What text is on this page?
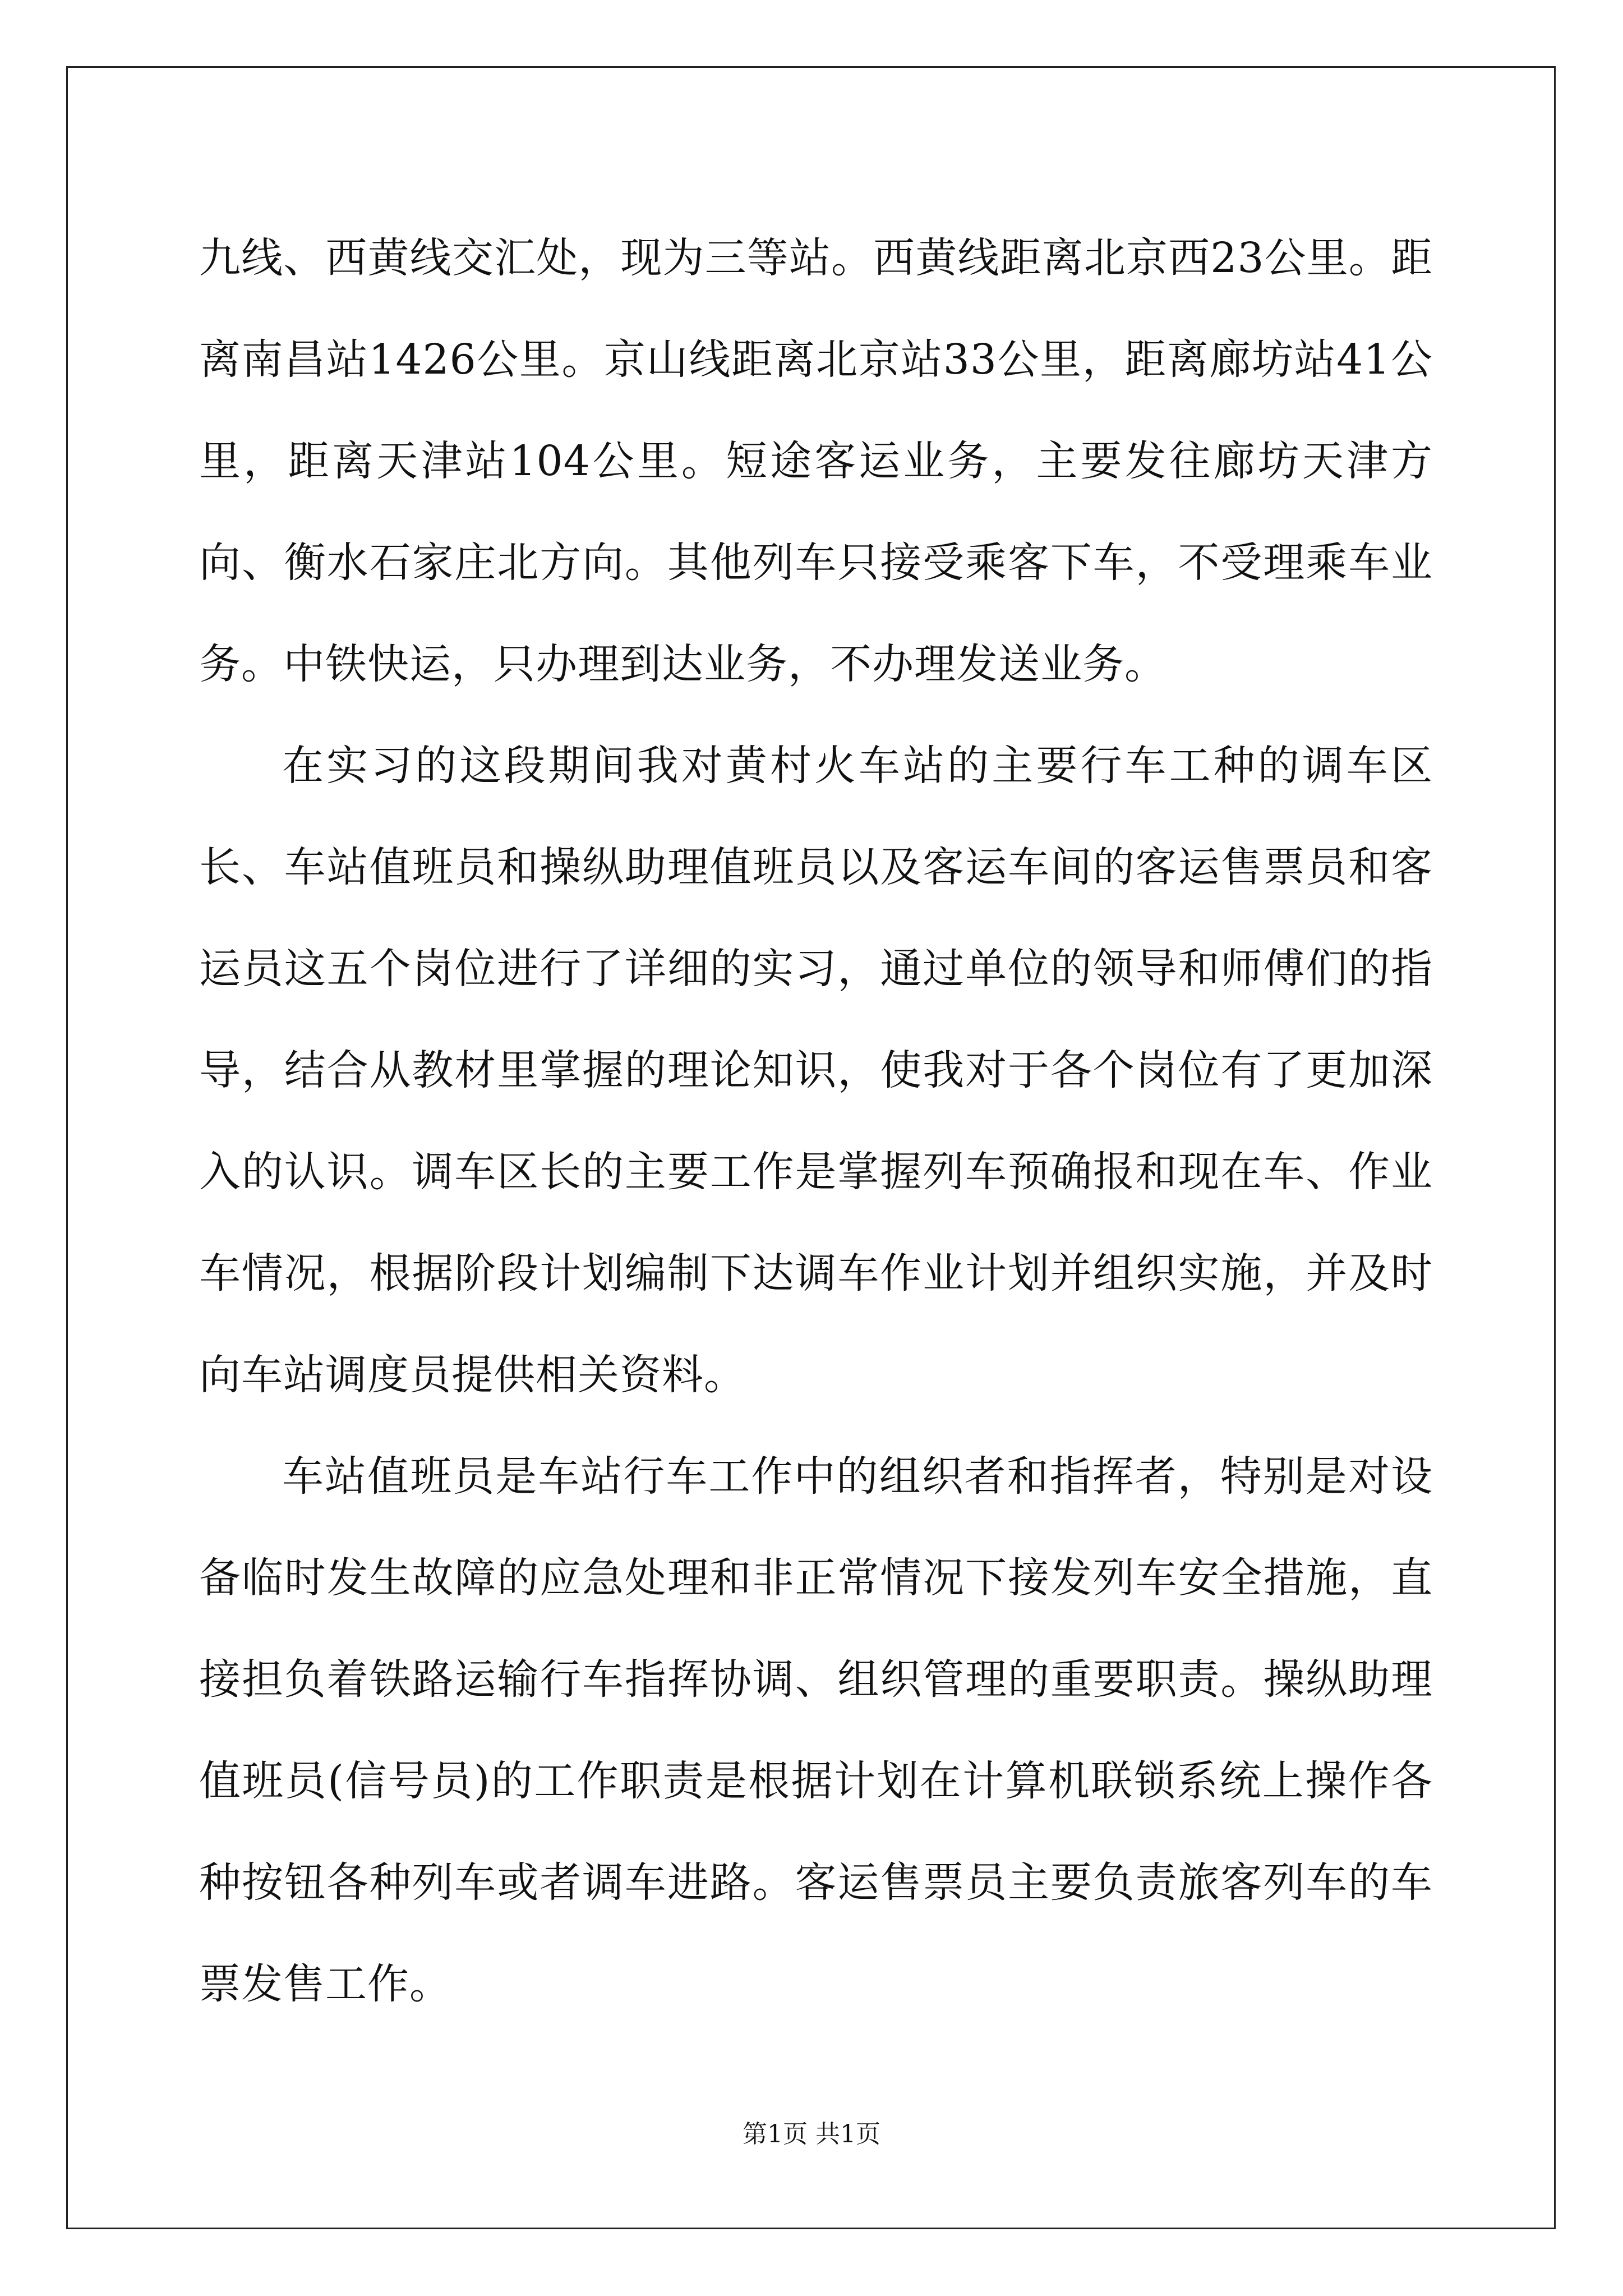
九线、西黄线交汇处，现为三等站。西黄线距离北京西23公里。距离南昌站1426公里。京山线距离北京站33公里，距离廊坊站41公里，距离天津站104公里。短途客运业务，主要发往廊坊天津方向、衡水石家庄北方向。其他列车只接受乘客下车，不受理乘车业务。中铁快运，只办理到达业务，不办理发送业务。

在实习的这段期间我对黄村火车站的主要行车工种的调车区长、车站值班员和操纵助理值班员以及客运车间的客运售票员和客运员这五个岗位进行了详细的实习，通过单位的领导和师傅们的指导，结合从教材里掌握的理论知识，使我对于各个岗位有了更加深入的认识。调车区长的主要工作是掌握列车预确报和现在车、作业车情况，根据阶段计划编制下达调车作业计划并组织实施，并及时向车站调度员提供相关资料。

车站值班员是车站行车工作中的组织者和指挥者，特别是对设备临时发生故障的应急处理和非正常情况下接发列车安全措施，直接担负着铁路运输行车指挥协调、组织管理的重要职责。操纵助理值班员(信号员)的工作职责是根据计划在计算机联锁系统上操作各种按钮各种列车或者调车进路。客运售票员主要负责旅客列车的车票发售工作。

第1页 共1页
